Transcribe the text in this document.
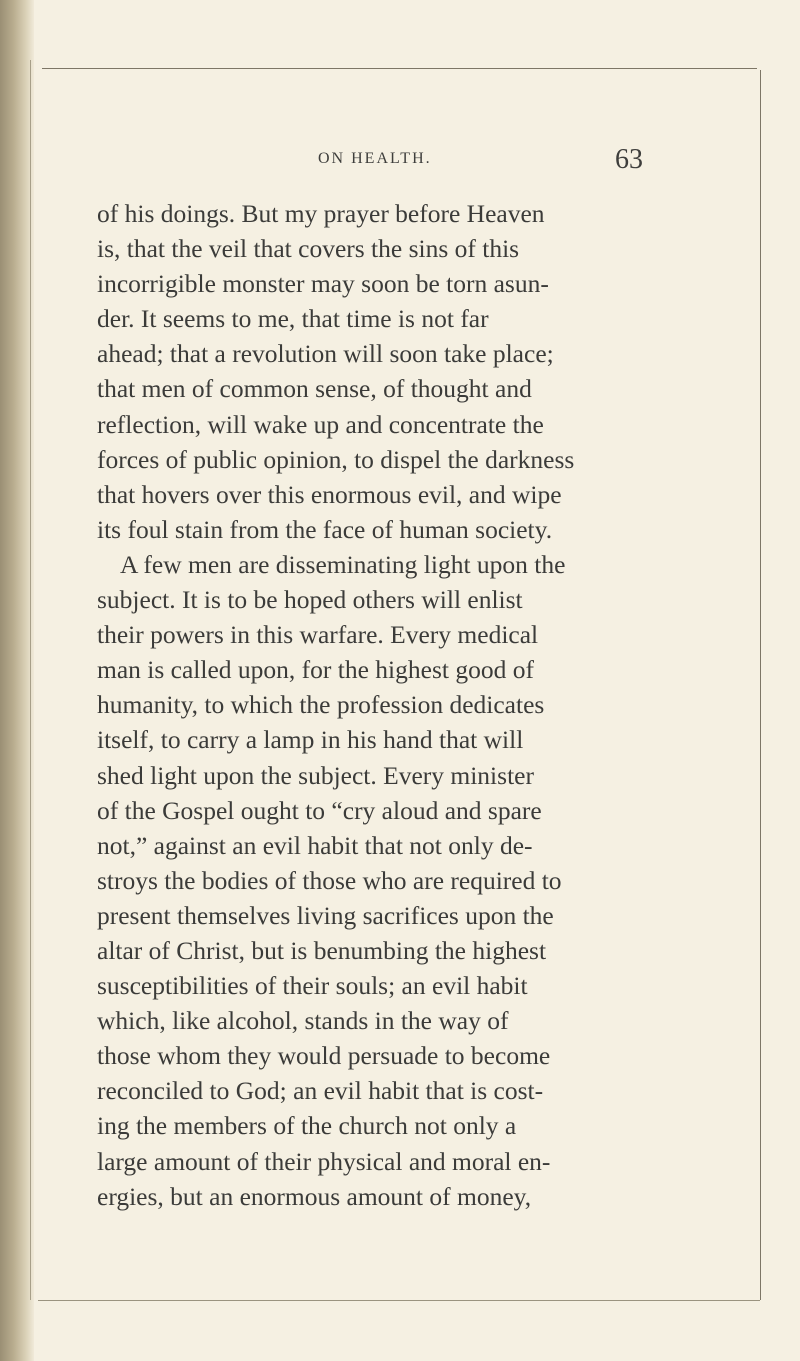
ON HEALTH.	63
of his doings. But my prayer before Heaven
is, that the veil that covers the sins of this
incorrigible monster may soon be torn asun-
der. It seems to me, that time is not far
ahead; that a revolution will soon take place;
that men of common sense, of thought and
reflection, will wake up and concentrate the
forces of public opinion, to dispel the darkness
that hovers over this enormous evil, and wipe
its foul stain from the face of human society.
A few men are disseminating light upon the
subject. It is to be hoped others will enlist
their powers in this warfare. Every medical
man is called upon, for the highest good of
humanity, to which the profession dedicates
itself, to carry a lamp in his hand that will
shed light upon the subject. Every minister
of the Gospel ought to “cry aloud and spare
not,” against an evil habit that not only de-
stroys the bodies of those who are required to
present themselves living sacrifices upon the
altar of Christ, but is benumbing the highest
susceptibilities of their souls; an evil habit
which, like alcohol, stands in the way of
those whom they would persuade to become
reconciled to God; an evil habit that is cost-
ing the members of the church not only a
large amount of their physical and moral en-
ergies, but an enormous amount of money,
